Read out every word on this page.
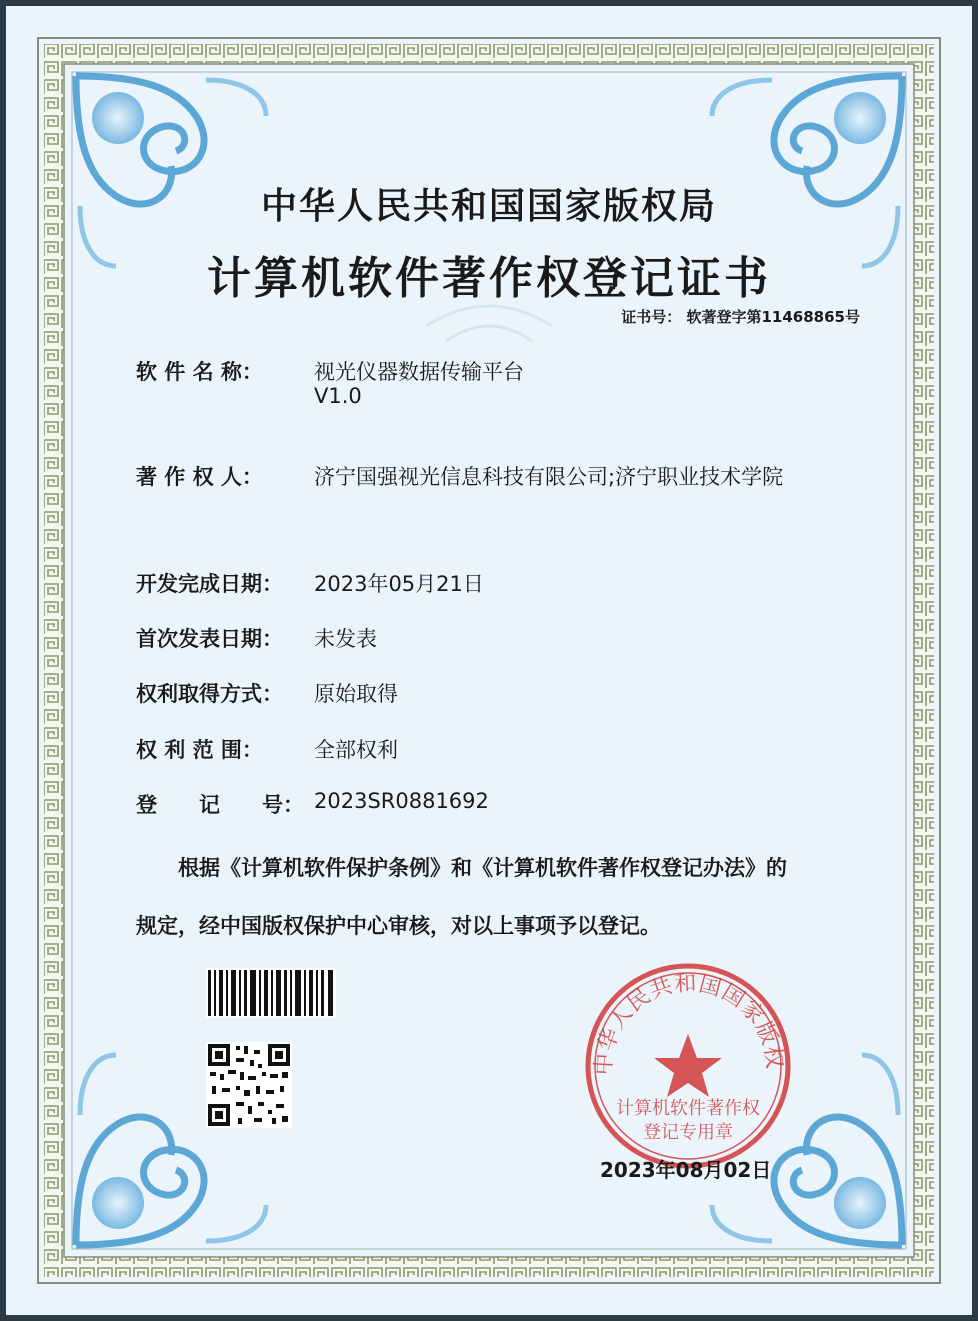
中华人民共和国国家版权局
计算机软件著作权登记证书
证书号： 软著登字第11468865号
软 件 名 称： 视光仪器数据传输平台
V1.0
著 作 权 人： 济宁国强视光信息科技有限公司;济宁职业技术学院
开发完成日期： 2023年05月21日
首次发表日期： 未发表
权利取得方式： 原始取得
权 利 范 围： 全部权利
登　　记　　号： 2023SR0881692
根据《计算机软件保护条例》和《计算机软件著作权登记办法》的
规定，经中国版权保护中心审核，对以上事项予以登记。
中华人民共和国国家版权
计算机软件著作权
登记专用章
2023年08月02日
